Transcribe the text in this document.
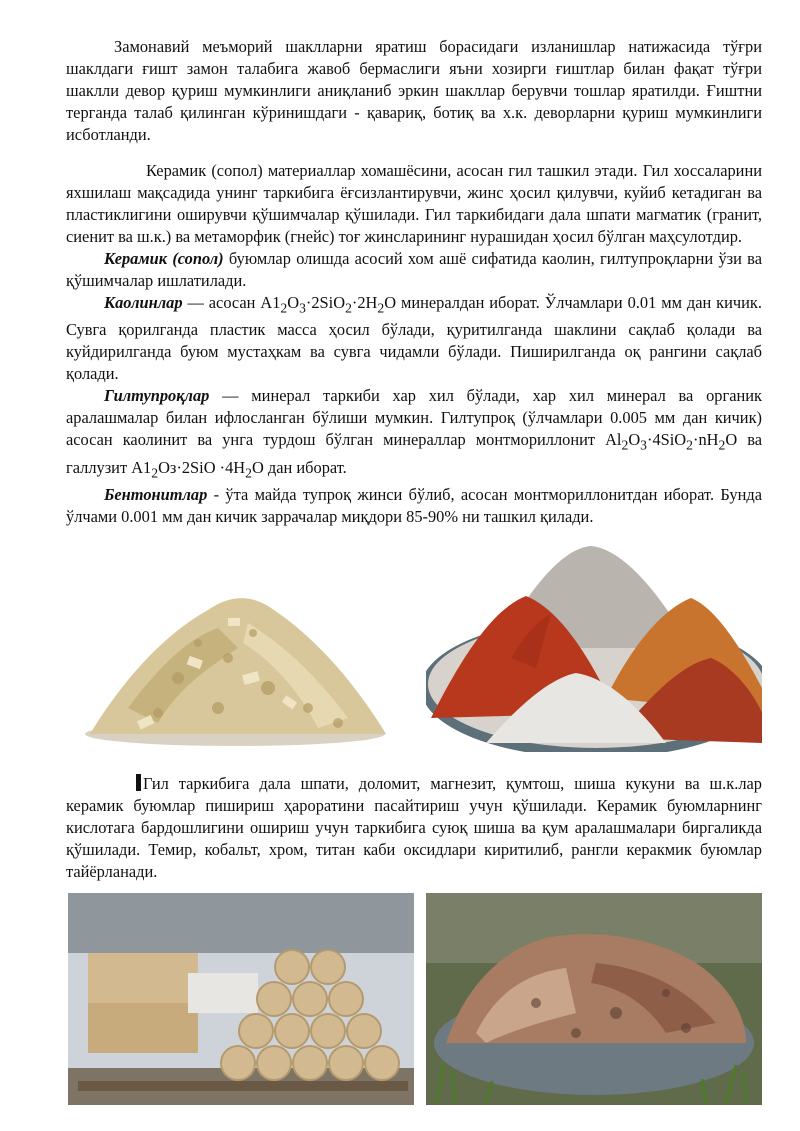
Замонавий меъморий шаклларни яратиш борасидаги изланишлар натижасида тўғри шаклдаги ғишт замон талабига жавоб бермаслиги яъни хозирги ғиштлар билан фақат тўғри шаклли девор қуриш мумкинлиги аниқланиб эркин шакллар берувчи тошлар яратилди. Ғиштни терганда талаб қилинган кўринишдаги - қавариқ, ботиқ ва х.к. деворларни қуриш мумкинлиги исботланди.

Керамик (сопол) материаллар хомашёсини, асосан гил ташкил этади. Гил хоссаларини яхшилаш мақсадида унинг таркибига ёғсизлантирувчи, жинс ҳосил қилувчи, куйиб кетадиган ва пластиклигини оширувчи қўшимчалар қўшилади. Гил таркибидаги дала шпати магматик (гранит, сиенит ва ш.к.) ва метаморфик (гнейс) тоғ жинсларининг нурашидан ҳосил бўлган маҳсулотдир.

Керамик (сопол) буюмлар олишда асосий хом ашё сифатида каолин, гилтупроқларни ўзи ва қўшимчалар ишлатилади.

Каолинлар — асосан $А1_2O_3\cdot 2SiO_2\cdot 2H_2O$ минералдан иборат. Ўлчамлари 0.01 мм дан кичик. Сувга қорилганда пластик масса ҳосил бўлади, қуритилганда шаклини сақлаб қолади ва куйдирилганда буюм мустаҳкам ва сувга чидамли бўлади. Пиширилганда оқ рангини сақлаб қолади.

Гилтупроқлар — минерал таркиби хар хил бўлади, хар хил минерал ва органик аралашмалар билан ифлосланган бўлиши мумкин. Гилтупроқ (ўлчамлари 0.005 мм дан кичик) асосан каолинит ва унга турдош бўлган минераллар монтмориллонит $Al_2O_3\cdot 4SiO_2\cdot nH_2O$ ва галлузит $А1_2Oз\cdot 2SiO \cdot 4H_2O$ дан иборат.

Бентонитлар - ўта майда тупроқ жинси бўлиб, асосан монтмориллонитдан иборат. Бунда ўлчами 0.001 мм дан кичик заррачалар миқдори 85-90% ни ташкил қилади.

Гил таркибига дала шпати, доломит, магнезит, қумтош, шиша кукуни ва ш.к.лар керамик буюмлар пишириш ҳароратини пасайтириш учун қўшилади. Керамик буюмларнинг кислотага бардошлигини ошириш учун таркибига суюқ шиша ва қум аралашмалари биргаликда қўшилади. Темир, кобальт, хром, титан каби оксидлари киритилиб, рангли керакмик буюмлар тайёрланади.
